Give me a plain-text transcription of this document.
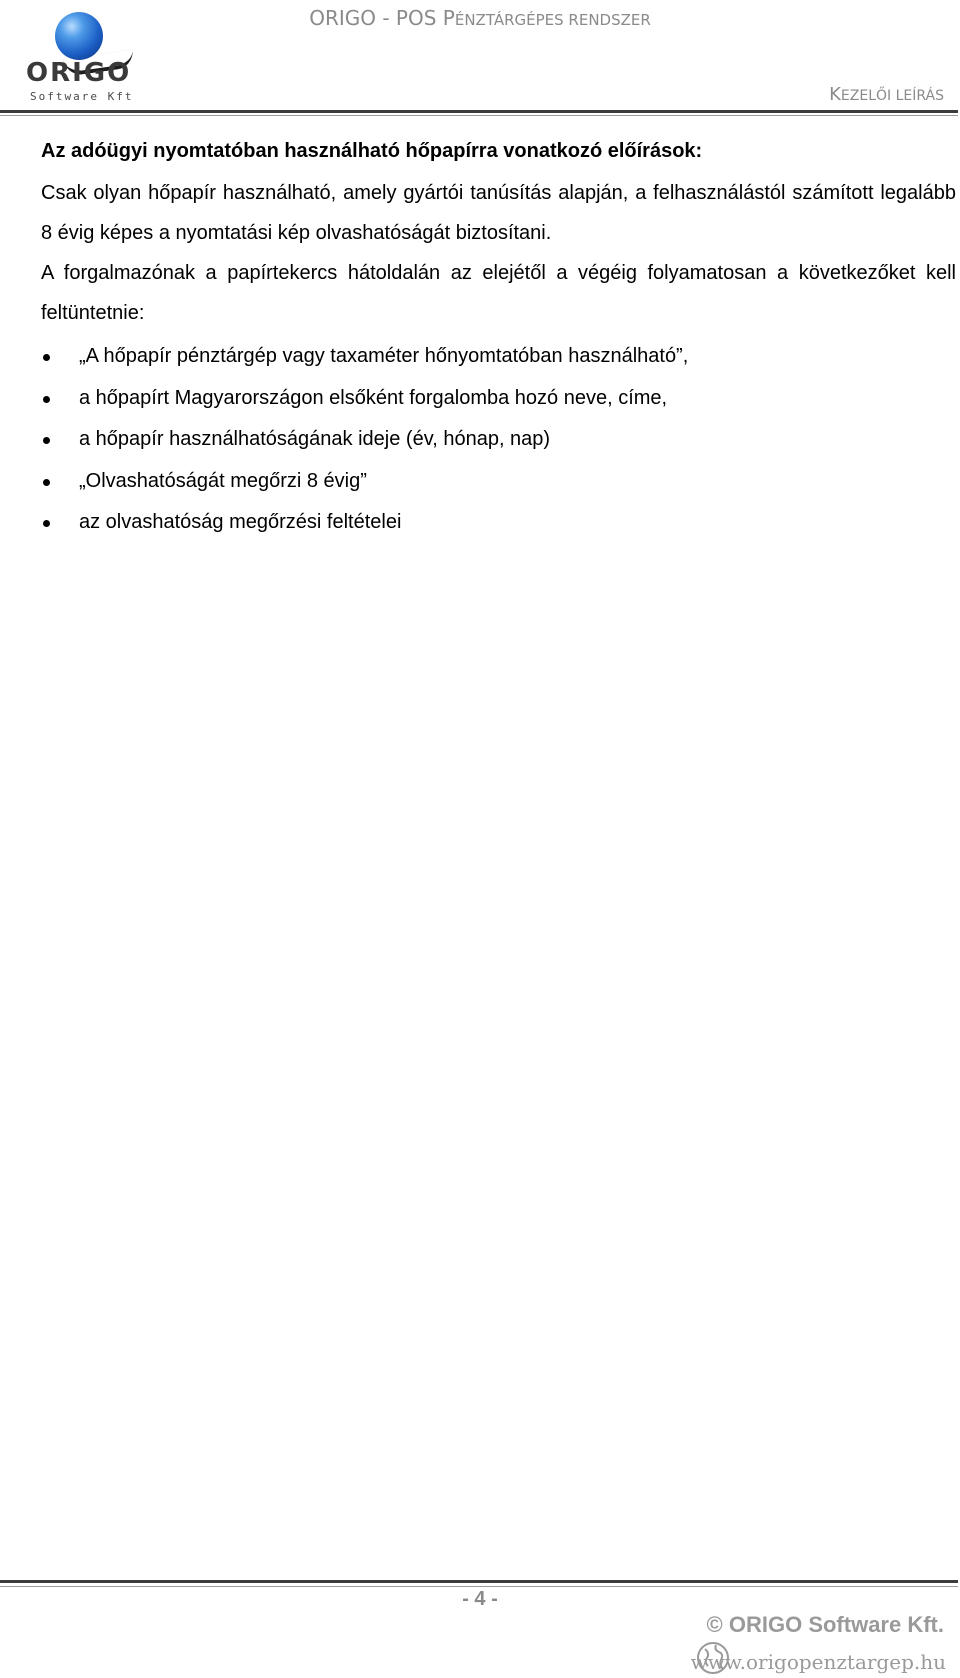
ORIGO
Software Kft
ORIGO - POS PÉNZTÁRGÉPES RENDSZER
KEZELŐI LEÍRÁS
Az adóügyi nyomtatóban használható hőpapírra vonatkozó előírások:

Csak olyan hőpapír használható, amely gyártói tanúsítás alapján, a felhasználástól számított legalább 8 évig képes a nyomtatási kép olvashatóságát biztosítani.

A forgalmazónak a papírtekercs hátoldalán az elejétől a végéig folyamatosan a következőket kell feltüntetnie:

„A hőpapír pénztárgép vagy taxaméter hőnyomtatóban használható”,
a hőpapírt Magyarországon elsőként forgalomba hozó neve, címe,
a hőpapír használhatóságának ideje (év, hónap, nap)
„Olvashatóságát megőrzi 8 évig”
az olvashatóság megőrzési feltételei
- 4 -
© ORIGO Software Kft.
www.origopenztargep.hu
